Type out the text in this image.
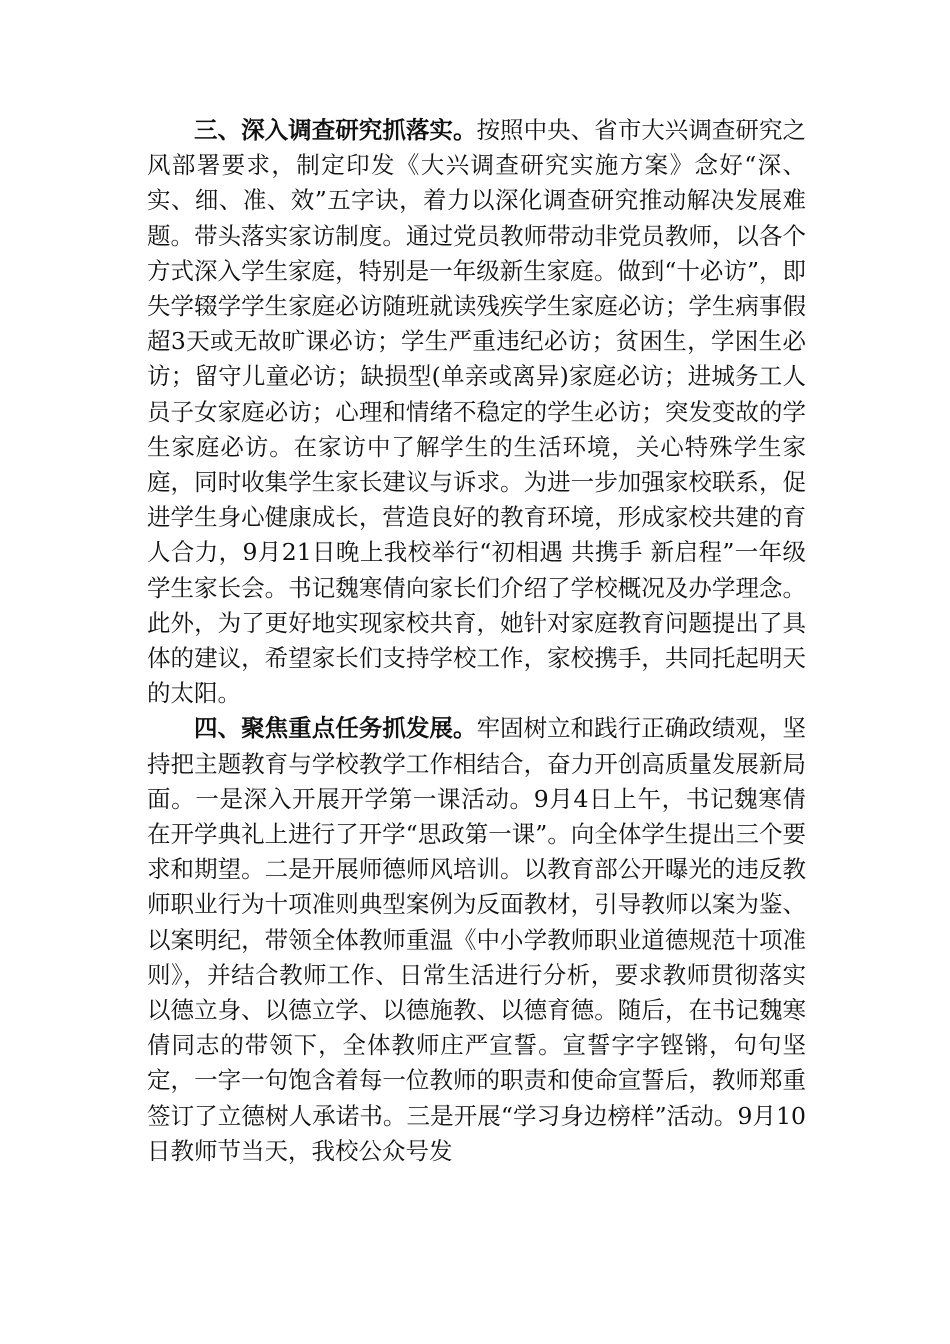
三、深入调查研究抓落实。按照中央、省市大兴调查研究之风部署要求，制定印发《大兴调查研究实施方案》念好“深、实、细、准、效”五字诀，着力以深化调查研究推动解决发展难题。带头落实家访制度。通过党员教师带动非党员教师，以各个方式深入学生家庭，特别是一年级新生家庭。做到“十必访”，即失学辍学学生家庭必访随班就读残疾学生家庭必访；学生病事假超3天或无故旷课必访；学生严重违纪必访；贫困生，学困生必访；留守儿童必访；缺损型(单亲或离异)家庭必访；进城务工人员子女家庭必访；心理和情绪不稳定的学生必访；突发变故的学生家庭必访。在家访中了解学生的生活环境，关心特殊学生家庭，同时收集学生家长建议与诉求。为进一步加强家校联系，促进学生身心健康成长，营造良好的教育环境，形成家校共建的育人合力，9月21日晚上我校举行“初相遇 共携手 新启程”一年级学生家长会。书记魏寒倩向家长们介绍了学校概况及办学理念。此外，为了更好地实现家校共育，她针对家庭教育问题提出了具体的建议，希望家长们支持学校工作，家校携手，共同托起明天的太阳。

四、聚焦重点任务抓发展。牢固树立和践行正确政绩观，坚持把主题教育与学校教学工作相结合，奋力开创高质量发展新局面。一是深入开展开学第一课活动。9月4日上午，书记魏寒倩在开学典礼上进行了开学“思政第一课”。向全体学生提出三个要求和期望。二是开展师德师风培训。以教育部公开曝光的违反教师职业行为十项准则典型案例为反面教材，引导教师以案为鉴、以案明纪，带领全体教师重温《中小学教师职业道德规范十项准则》，并结合教师工作、日常生活进行分析，要求教师贯彻落实以德立身、以德立学、以德施教、以德育德。随后，在书记魏寒倩同志的带领下，全体教师庄严宣誓。宣誓字字铿锵，句句坚定，一字一句饱含着每一位教师的职责和使命宣誓后，教师郑重签订了立德树人承诺书。三是开展“学习身边榜样”活动。9月10日教师节当天，我校公众号发
